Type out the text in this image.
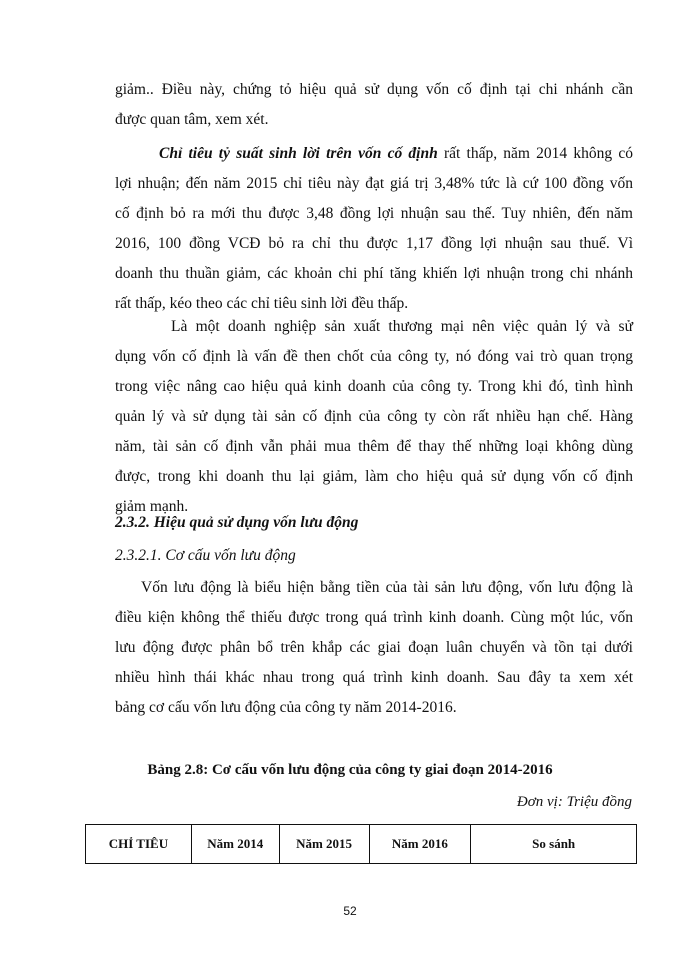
giảm.. Điều này, chứng tỏ hiệu quả sử dụng vốn cố định tại chi nhánh cần
được quan tâm, xem xét.
Chỉ tiêu tỷ suất sinh lời trên vốn cố định rất thấp, năm 2014 không có
lợi nhuận; đến năm 2015 chỉ tiêu này đạt giá trị 3,48% tức là cứ 100 đồng vốn
cố định bỏ ra mới thu được 3,48 đồng lợi nhuận sau thế. Tuy nhiên, đến năm
2016, 100 đồng VCĐ bỏ ra chỉ thu được 1,17 đồng lợi nhuận sau thuế. Vì
doanh thu thuần giảm, các khoản chi phí tăng khiến lợi nhuận trong chi nhánh
rất thấp, kéo theo các chỉ tiêu sinh lời đều thấp.
Là một doanh nghiệp sản xuất thương mại nên việc quản lý và sử
dụng vốn cố định là vấn đề then chốt của công ty, nó đóng vai trò quan trọng
trong việc nâng cao hiệu quả kinh doanh của công ty. Trong khi đó, tình hình
quản lý và sử dụng tài sản cố định của công ty còn rất nhiều hạn chế. Hàng
năm, tài sản cố định vẫn phải mua thêm để thay thế những loại không dùng
được, trong khi doanh thu lại giảm, làm cho hiệu quả sử dụng vốn cố định
giảm mạnh.

2.3.2. Hiệu quả sử dụng vốn lưu động

2.3.2.1. Cơ cấu vốn lưu động

Vốn lưu động là biểu hiện bằng tiền của tài sản lưu động, vốn lưu động là
điều kiện không thể thiếu được trong quá trình kinh doanh. Cùng một lúc, vốn
lưu động được phân bổ trên khắp các giai đoạn luân chuyển và tồn tại dưới
nhiều hình thái khác nhau trong quá trình kinh doanh. Sau đây ta xem xét
bảng cơ cấu vốn lưu động của công ty năm 2014-2016.

Bảng 2.8: Cơ cấu vốn lưu động của công ty giai đoạn 2014-2016

Đơn vị: Triệu đồng

CHỈ TIÊU	Năm 2014	Năm 2015	Năm 2016	So sánh

52
